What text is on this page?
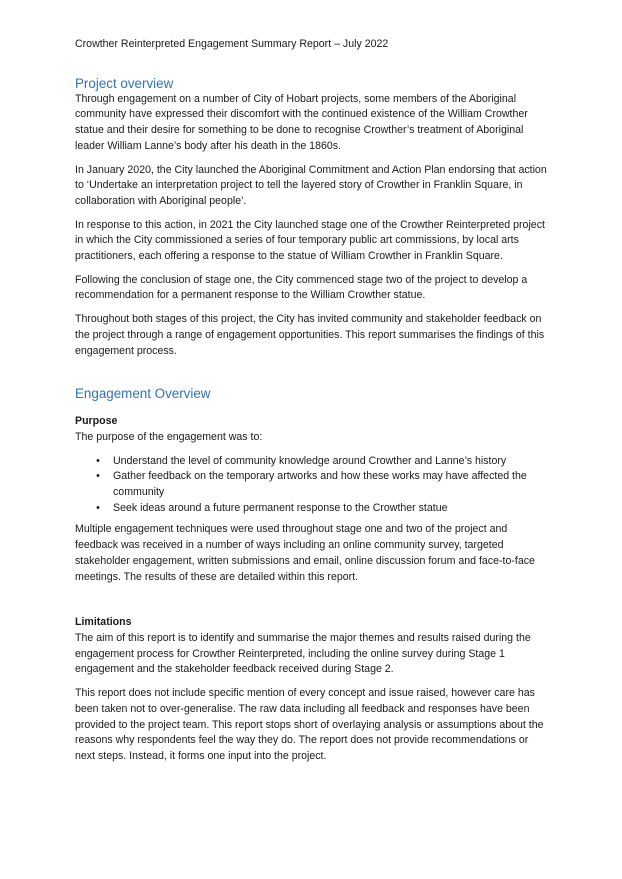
Crowther Reinterpreted Engagement Summary Report – July 2022
Project overview

Through engagement on a number of City of Hobart projects, some members of the Aboriginal community have expressed their discomfort with the continued existence of the William Crowther statue and their desire for something to be done to recognise Crowther’s treatment of Aboriginal leader William Lanne’s body after his death in the 1860s.

In January 2020, the City launched the Aboriginal Commitment and Action Plan endorsing that action to ‘Undertake an interpretation project to tell the layered story of Crowther in Franklin Square, in collaboration with Aboriginal people’.

In response to this action, in 2021 the City launched stage one of the Crowther Reinterpreted project in which the City commissioned a series of four temporary public art commissions, by local arts practitioners, each offering a response to the statue of William Crowther in Franklin Square.

Following the conclusion of stage one, the City commenced stage two of the project to develop a recommendation for a permanent response to the William Crowther statue.

Throughout both stages of this project, the City has invited community and stakeholder feedback on the project through a range of engagement opportunities. This report summarises the findings of this engagement process.

Engagement Overview
Purpose

The purpose of the engagement was to:

• Understand the level of community knowledge around Crowther and Lanne’s history
• Gather feedback on the temporary artworks and how these works may have affected the community
• Seek ideas around a future permanent response to the Crowther statue

Multiple engagement techniques were used throughout stage one and two of the project and feedback was received in a number of ways including an online community survey, targeted stakeholder engagement, written submissions and email, online discussion forum and face-to-face meetings. The results of these are detailed within this report.

Limitations

The aim of this report is to identify and summarise the major themes and results raised during the engagement process for Crowther Reinterpreted, including the online survey during Stage 1 engagement and the stakeholder feedback received during Stage 2.

This report does not include specific mention of every concept and issue raised, however care has been taken not to over-generalise. The raw data including all feedback and responses have been provided to the project team. This report stops short of overlaying analysis or assumptions about the reasons why respondents feel the way they do. The report does not provide recommendations or next steps. Instead, it forms one input into the project.
